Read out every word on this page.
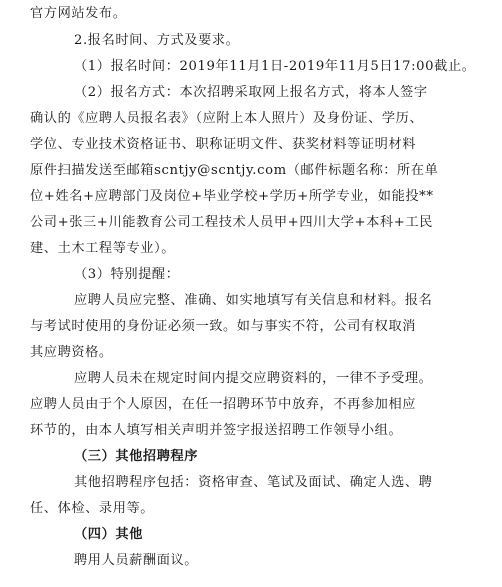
官方网站发布。
2.报名时间、方式及要求。
（1）报名时间：2019年11月1日-2019年11月5日17:00截止。
（2）报名方式：本次招聘采取网上报名方式，将本人签字
确认的《应聘人员报名表》（应附上本人照片）及身份证、学历、
学位、专业技术资格证书、职称证明文件、获奖材料等证明材料
原件扫描发送至邮箱scntjy@scntjy.com（邮件标题名称：所在单
位+姓名+应聘部门及岗位+毕业学校+学历+所学专业，如能投**
公司+张三+川能教育公司工程技术人员甲+四川大学+本科+工民
建、土木工程等专业）。
（3）特别提醒：
应聘人员应完整、准确、如实地填写有关信息和材料。报名
与考试时使用的身份证必须一致。如与事实不符，公司有权取消
其应聘资格。
应聘人员未在规定时间内提交应聘资料的，一律不予受理。
应聘人员由于个人原因，在任一招聘环节中放弃，不再参加相应
环节的，由本人填写相关声明并签字报送招聘工作领导小组。
（三）其他招聘程序
其他招聘程序包括：资格审查、笔试及面试、确定人选、聘
任、体检、录用等。
（四）其他
聘用人员薪酬面议。
